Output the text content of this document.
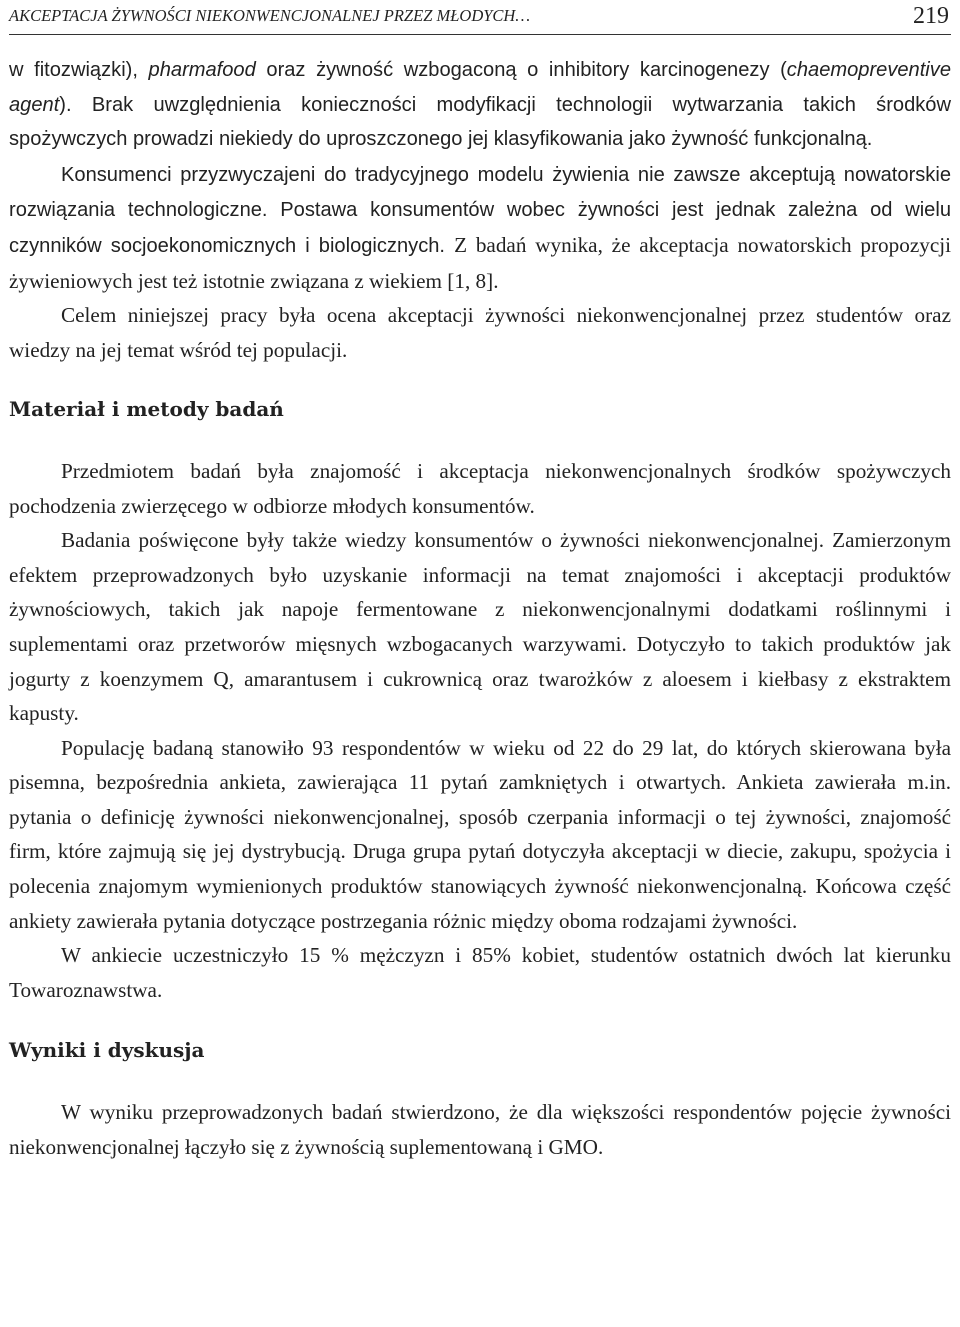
AKCEPTACJA ŻYWNOŚCI NIEKONWENCJONALNEJ PRZEZ MŁODYCH…	219

w fitozwiązki), pharmafood oraz żywność wzbogaconą o inhibitory karcinogenezy (chaemopreventive agent). Brak uwzględnienia konieczności modyfikacji technologii wytwarzania takich środków spożywczych prowadzi niekiedy do uproszczonego jej klasyfikowania jako żywność funkcjonalną.

Konsumenci przyzwyczajeni do tradycyjnego modelu żywienia nie zawsze akceptują nowatorskie rozwiązania technologiczne. Postawa konsumentów wobec żywności jest jednak zależna od wielu czynników socjoekonomicznych i biologicznych. Z badań wynika, że akceptacja nowatorskich propozycji żywieniowych jest też istotnie związana z wiekiem [1, 8].

Celem niniejszej pracy była ocena akceptacji żywności niekonwencjonalnej przez studentów oraz wiedzy na jej temat wśród tej populacji.

Materiał i metody badań

Przedmiotem badań była znajomość i akceptacja niekonwencjonalnych środków spożywczych pochodzenia zwierzęcego w odbiorze młodych konsumentów.

Badania poświęcone były także wiedzy konsumentów o żywności niekonwencjonalnej. Zamierzonym efektem przeprowadzonych było uzyskanie informacji na temat znajomości i akceptacji produktów żywnościowych, takich jak napoje fermentowane z niekonwencjonalnymi dodatkami roślinnymi i suplementami oraz przetworów mięsnych wzbogacanych warzywami. Dotyczyło to takich produktów jak jogurty z koenzymem Q, amarantusem i cukrownicą oraz twarożków z aloesem i kiełbasy z ekstraktem kapusty.

Populację badaną stanowiło 93 respondentów w wieku od 22 do 29 lat, do których skierowana była pisemna, bezpośrednia ankieta, zawierająca 11 pytań zamkniętych i otwartych. Ankieta zawierała m.in. pytania o definicję żywności niekonwencjonalnej, sposób czerpania informacji o tej żywności, znajomość firm, które zajmują się jej dystrybucją. Druga grupa pytań dotyczyła akceptacji w diecie, zakupu, spożycia i polecenia znajomym wymienionych produktów stanowiących żywność niekonwencjonalną. Końcowa część ankiety zawierała pytania dotyczące postrzegania różnic między oboma rodzajami żywności.

W ankiecie uczestniczyło 15 % mężczyzn i 85% kobiet, studentów ostatnich dwóch lat kierunku Towaroznawstwa.

Wyniki i dyskusja

W wyniku przeprowadzonych badań stwierdzono, że dla większości respondentów pojęcie żywności niekonwencjonalnej łączyło się z żywnością suplementowaną i GMO.
